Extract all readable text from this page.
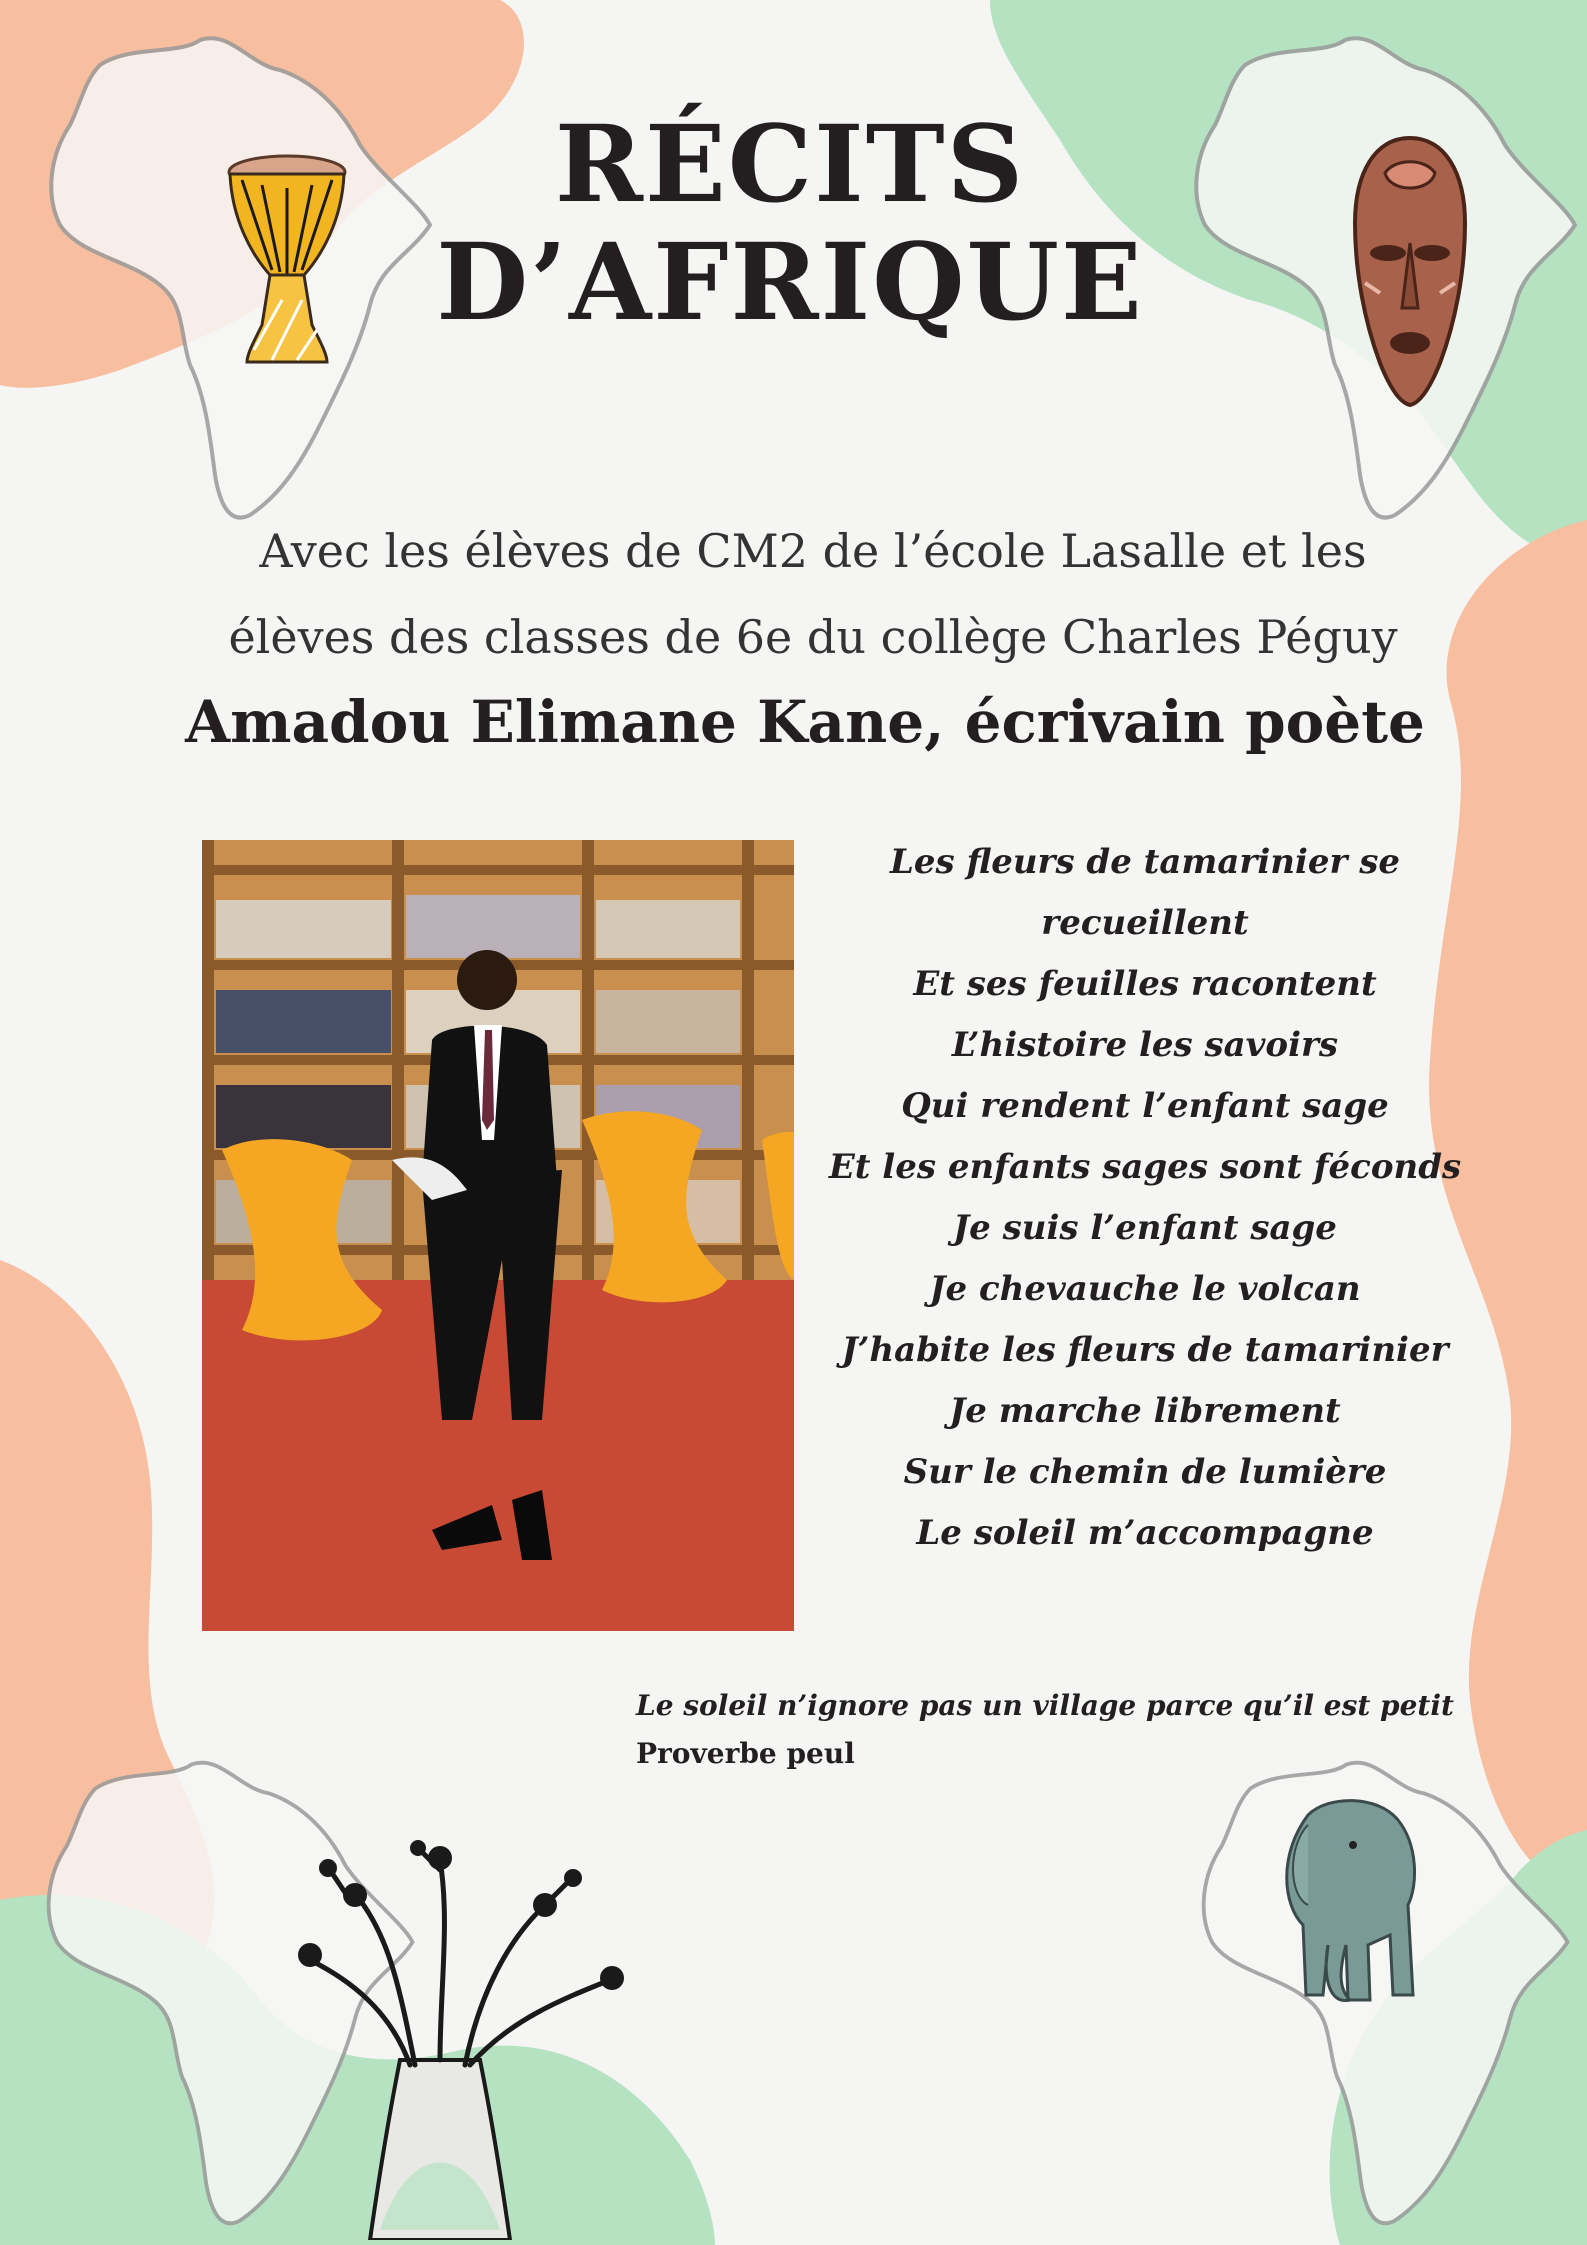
RÉCITS
D’AFRIQUE
Avec les élèves de CM2 de l’école Lasalle et les
élèves des classes de 6e du collège Charles Péguy
Amadou Elimane Kane, écrivain poète
Les fleurs de tamarinier se
recueillent
Et ses feuilles racontent
L’histoire les savoirs
Qui rendent l’enfant sage
Et les enfants sages sont féconds
Je suis l’enfant sage
Je chevauche le volcan
J’habite les fleurs de tamarinier
Je marche librement
Sur le chemin de lumière
Le soleil m’accompagne
Le soleil n’ignore pas un village parce qu’il est petit
Proverbe peul
